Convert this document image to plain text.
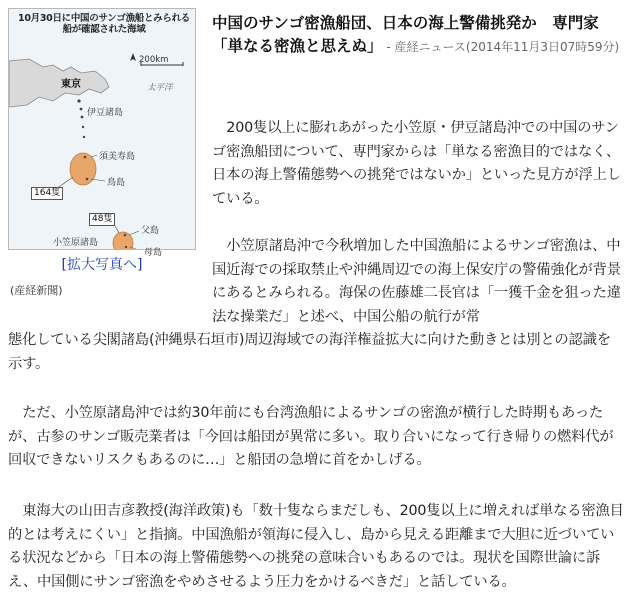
10月30日に中国のサンゴ漁船とみられる船が確認された海域
200km
東京	太平洋
伊豆諸島
須美寿島
鳥島
164隻
48隻
父島
小笠原諸島
母島
[拡大写真へ]
(産経新聞)
中国のサンゴ密漁船団、日本の海上警備挑発か　専門家「単なる密漁と思えぬ」 - 産経ニュース(2014年11月3日07時59分)

200隻以上に膨れあがった小笠原・伊豆諸島沖での中国のサンゴ密漁船団について、専門家からは「単なる密漁目的ではなく、日本の海上警備態勢への挑発ではないか」といった見方が浮上している。

小笠原諸島沖で今秋増加した中国漁船によるサンゴ密漁は、中国近海での採取禁止や沖縄周辺での海上保安庁の警備強化が背景にあるとみられる。海保の佐藤雄二長官は「一獲千金を狙った違法な操業だ」と述べ、中国公船の航行が常

態化している尖閣諸島(沖縄県石垣市)周辺海域での海洋権益拡大に向けた動きとは別との認識を示す。

ただ、小笠原諸島沖では約30年前にも台湾漁船によるサンゴの密漁が横行した時期もあったが、古参のサンゴ販売業者は「今回は船団が異常に多い。取り合いになって行き帰りの燃料代が回収できないリスクもあるのに…」と船団の急増に首をかしげる。

東海大の山田吉彦教授(海洋政策)も「数十隻ならまだしも、200隻以上に増えれば単なる密漁目的とは考えにくい」と指摘。中国漁船が領海に侵入し、島から見える距離まで大胆に近づいている状況などから「日本の海上警備態勢への挑発の意味合いもあるのでは。現状を国際世論に訴え、中国側にサンゴ密漁をやめさせるよう圧力をかけるべきだ」と話している。
